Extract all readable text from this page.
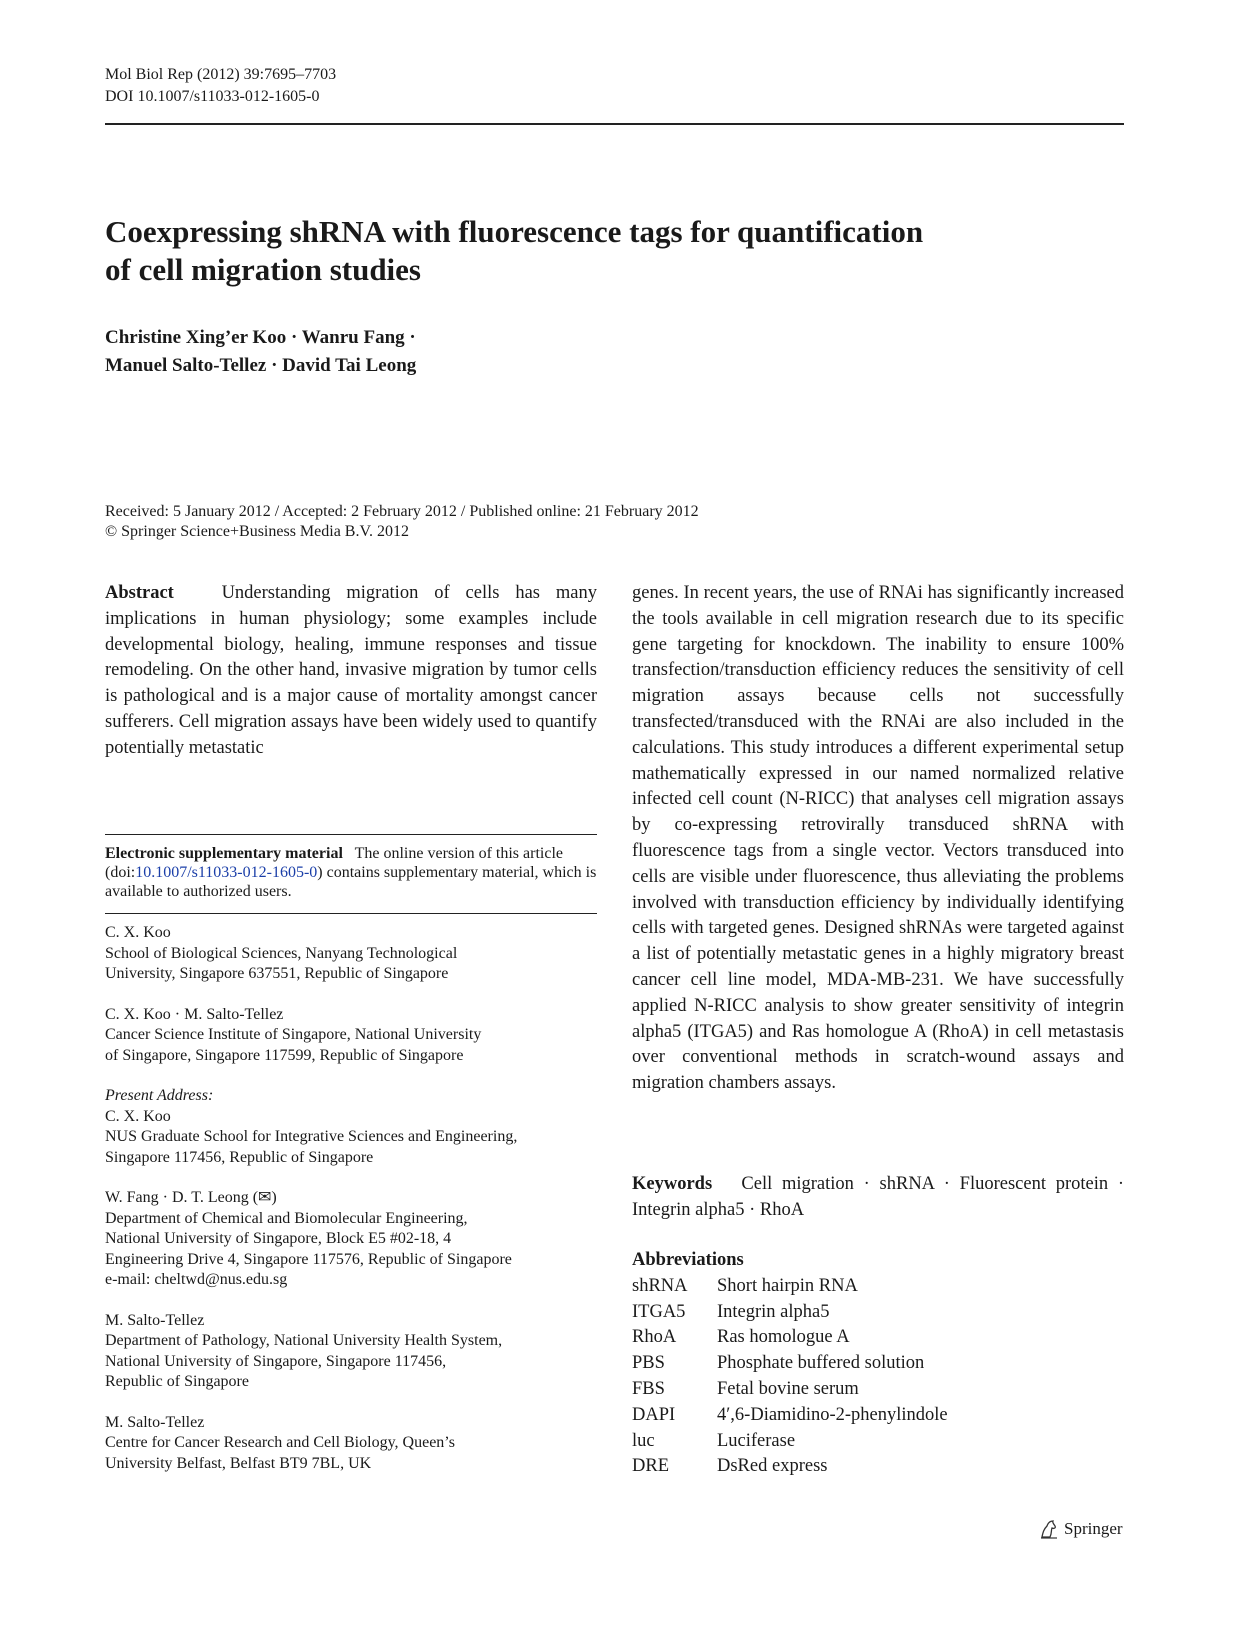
Mol Biol Rep (2012) 39:7695–7703
DOI 10.1007/s11033-012-1605-0
Coexpressing shRNA with fluorescence tags for quantification
of cell migration studies
Christine Xing’er Koo · Wanru Fang ·
Manuel Salto-Tellez · David Tai Leong
Received: 5 January 2012 / Accepted: 2 February 2012 / Published online: 21 February 2012
© Springer Science+Business Media B.V. 2012
Abstract	Understanding migration of cells has many implications in human physiology; some examples include developmental biology, healing, immune responses and tissue remodeling. On the other hand, invasive migration by tumor cells is pathological and is a major cause of mortality amongst cancer sufferers. Cell migration assays have been widely used to quantify potentially metastatic
Electronic supplementary material The online version of this article (doi:10.1007/s11033-012-1605-0) contains supplementary material, which is available to authorized users.
C. X. Koo
School of Biological Sciences, Nanyang Technological
University, Singapore 637551, Republic of Singapore
C. X. Koo · M. Salto-Tellez
Cancer Science Institute of Singapore, National University
of Singapore, Singapore 117599, Republic of Singapore
Present Address:
C. X. Koo
NUS Graduate School for Integrative Sciences and Engineering,
Singapore 117456, Republic of Singapore
W. Fang · D. T. Leong (✉)
Department of Chemical and Biomolecular Engineering,
National University of Singapore, Block E5 #02-18, 4
Engineering Drive 4, Singapore 117576, Republic of Singapore
e-mail: cheltwd@nus.edu.sg
M. Salto-Tellez
Department of Pathology, National University Health System,
National University of Singapore, Singapore 117456,
Republic of Singapore
M. Salto-Tellez
Centre for Cancer Research and Cell Biology, Queen’s
University Belfast, Belfast BT9 7BL, UK
genes. In recent years, the use of RNAi has significantly increased the tools available in cell migration research due to its specific gene targeting for knockdown. The inability to ensure 100% transfection/transduction efficiency reduces the sensitivity of cell migration assays because cells not successfully transfected/transduced with the RNAi are also included in the calculations. This study introduces a different experimental setup mathematically expressed in our named normalized relative infected cell count (N-RICC) that analyses cell migration assays by co-expressing retrovirally transduced shRNA with fluorescence tags from a single vector. Vectors transduced into cells are visible under fluorescence, thus alleviating the problems involved with transduction efficiency by individually identifying cells with targeted genes. Designed shRNAs were targeted against a list of potentially metastatic genes in a highly migratory breast cancer cell line model, MDA-MB-231. We have successfully applied N-RICC analysis to show greater sensitivity of integrin alpha5 (ITGA5) and Ras homologue A (RhoA) in cell metastasis over conventional methods in scratch-wound assays and migration chambers assays.
Keywords Cell migration · shRNA · Fluorescent protein · Integrin alpha5 · RhoA
Abbreviations
shRNA	Short hairpin RNA
ITGA5	Integrin alpha5
RhoA	Ras homologue A
PBS	Phosphate buffered solution
FBS	Fetal bovine serum
DAPI	4′,6-Diamidino-2-phenylindole
luc	Luciferase
DRE	DsRed express
Springer
